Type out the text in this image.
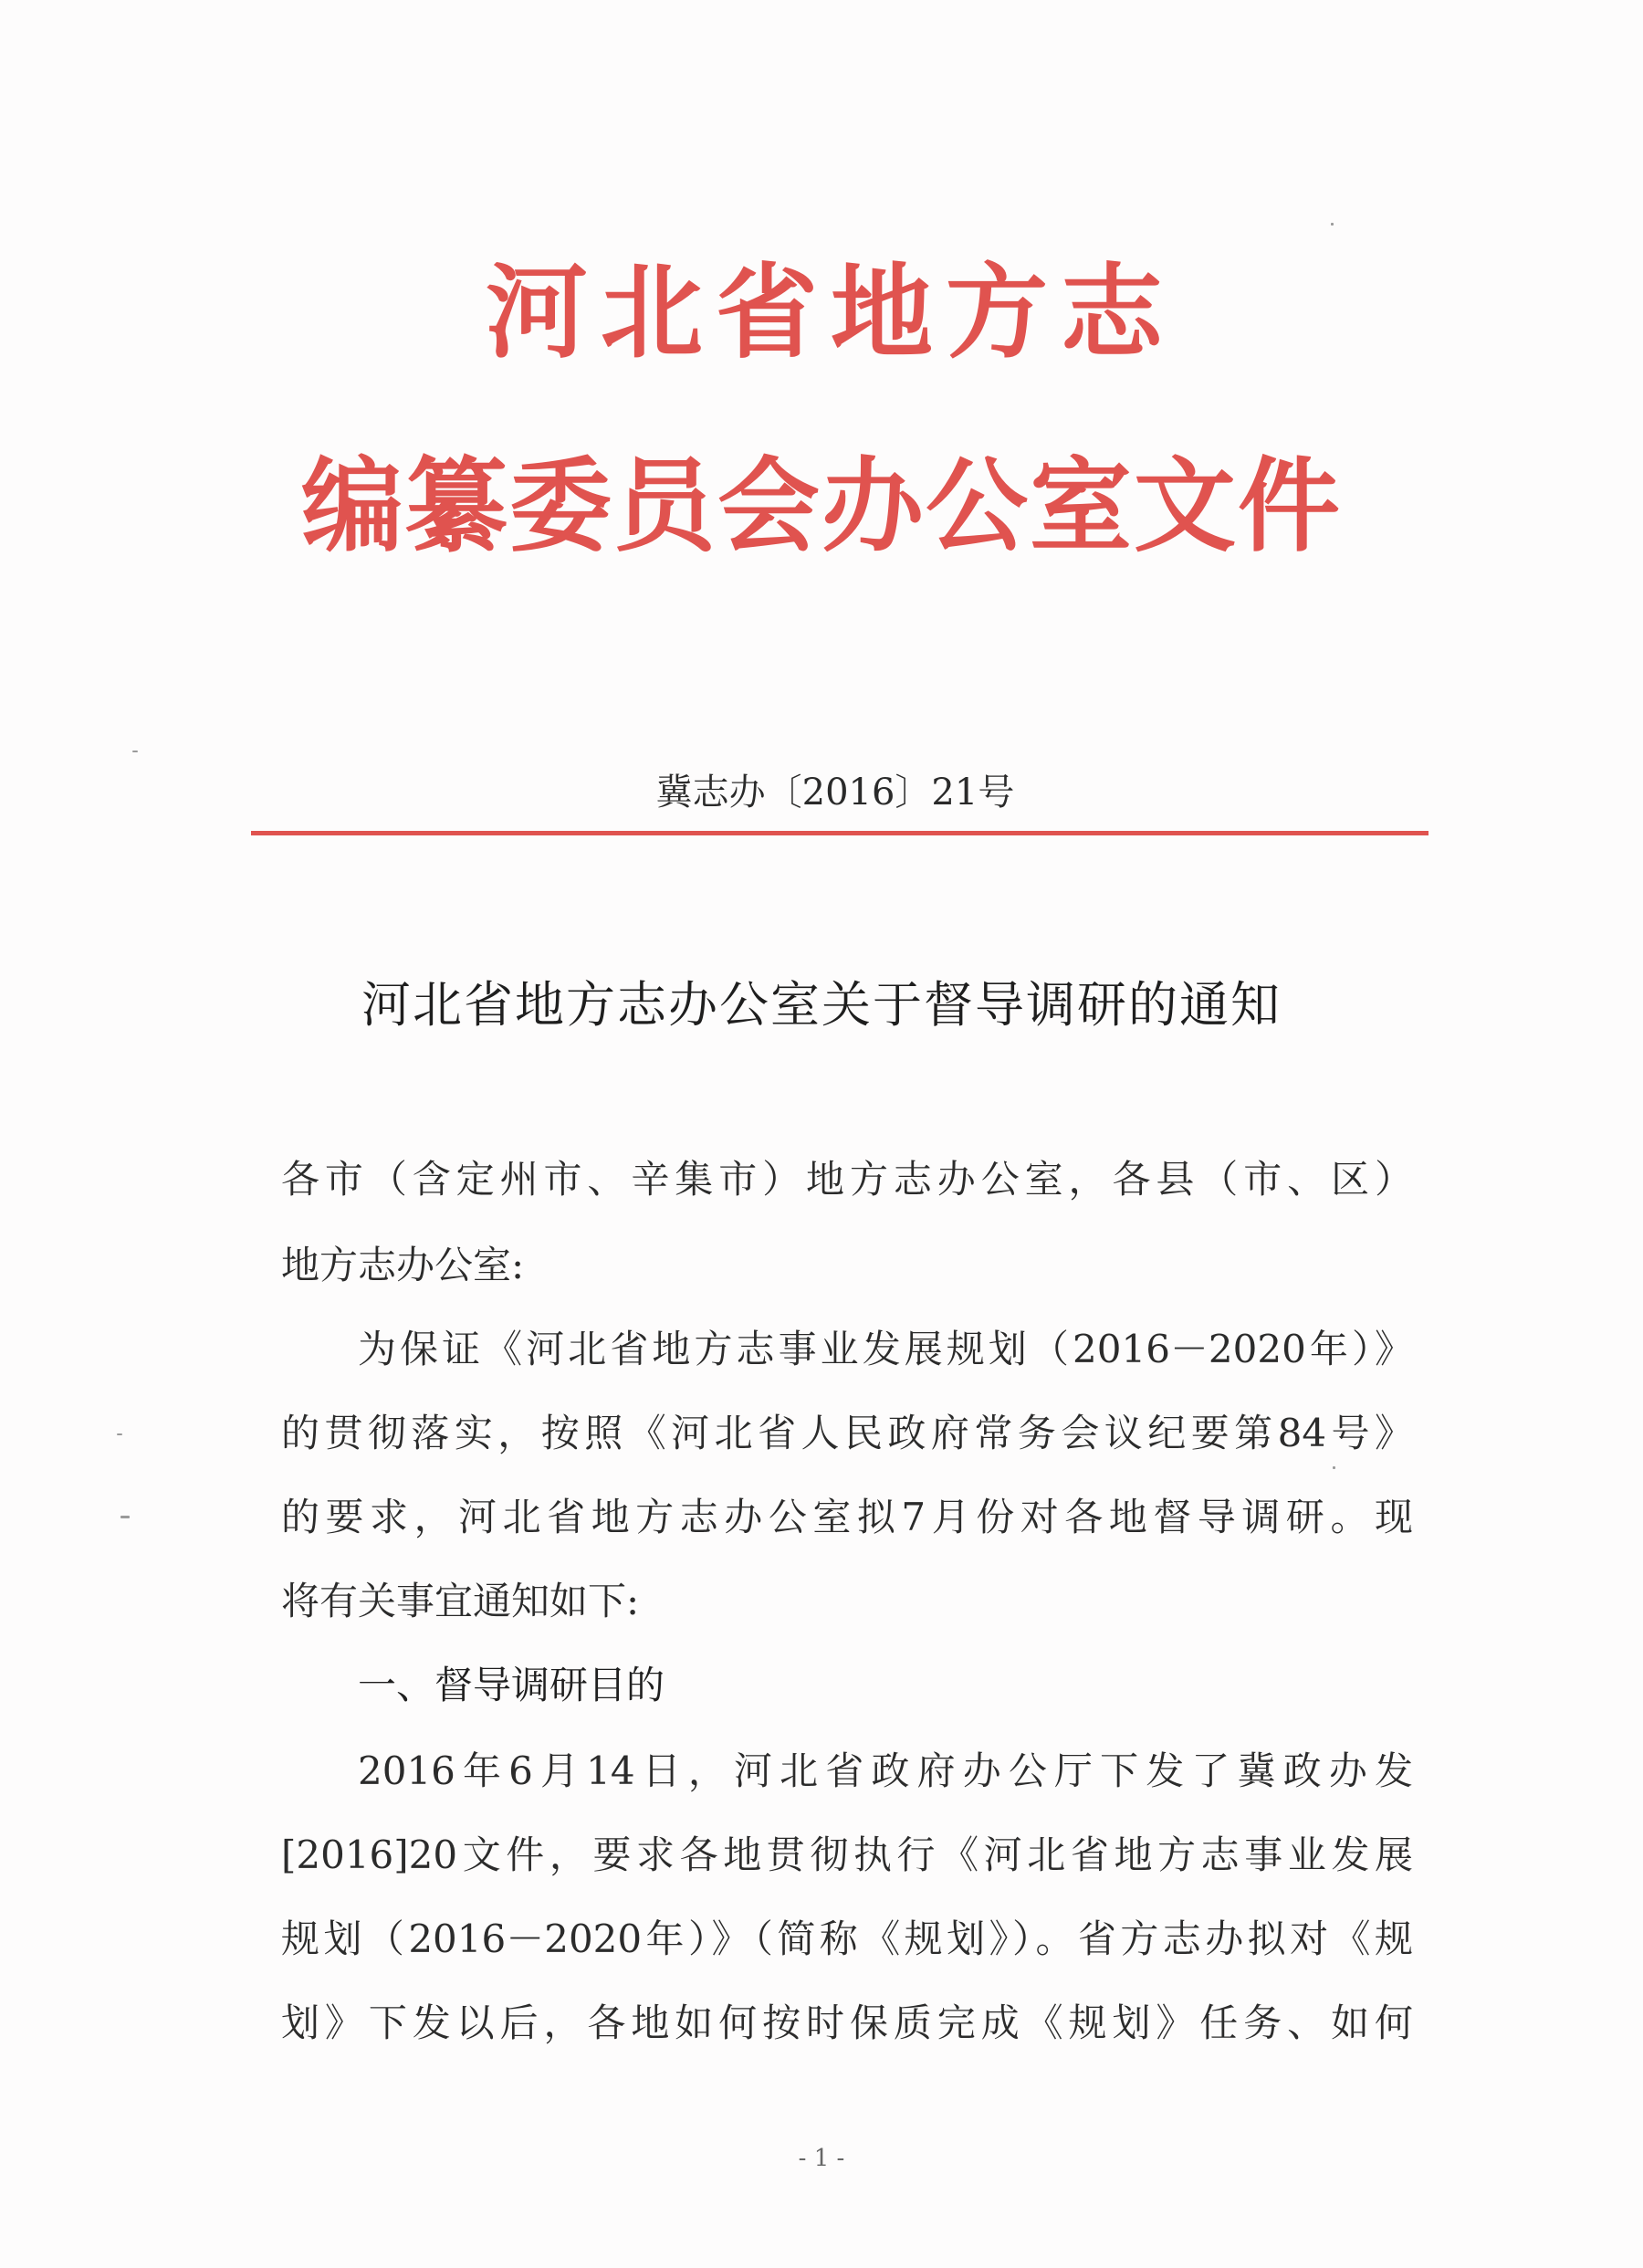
河北省地方志
编纂委员会办公室文件
冀志办〔2016〕21号
河北省地方志办公室关于督导调研的通知
各市（含定州市、辛集市）地方志办公室，各县（市、区）
地方志办公室:
为保证《河北省地方志事业发展规划（2016－2020年）》
的贯彻落实，按照《河北省人民政府常务会议纪要第84号》
的要求，河北省地方志办公室拟7月份对各地督导调研。现
将有关事宜通知如下:
一、督导调研目的
2016年6月14日，河北省政府办公厅下发了冀政办发
[2016]20文件，要求各地贯彻执行《河北省地方志事业发展
规划（2016－2020年）》（简称《规划》）。省方志办拟对《规
划》下发以后，各地如何按时保质完成《规划》任务、如何
- 1 -
